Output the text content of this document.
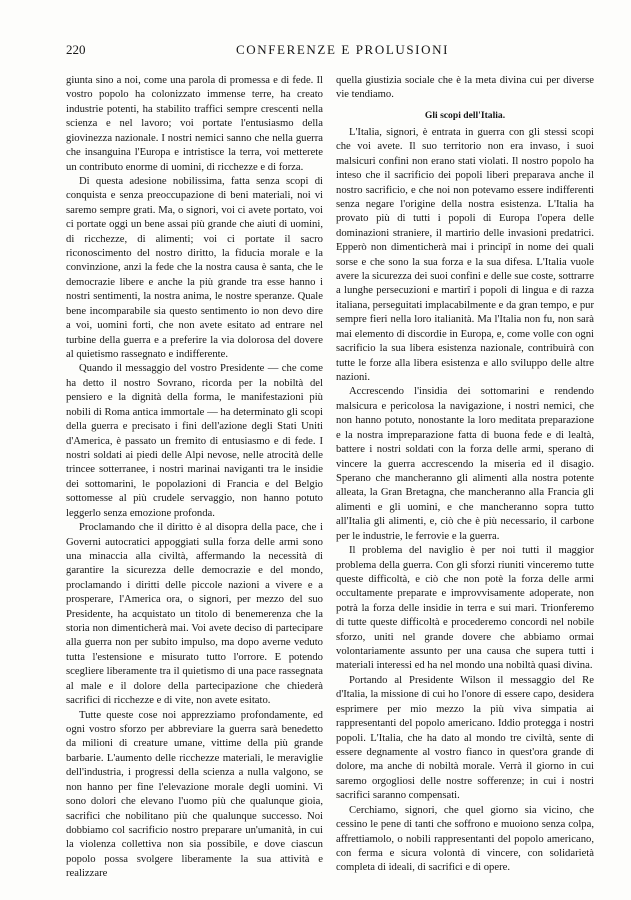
220	CONFERENZE E PROLUSIONI

giunta sino a noi, come una parola di promessa e di fede. Il vostro popolo ha colonizzato immense terre, ha creato industrie potenti, ha stabilito traffici sempre crescenti nella scienza e nel lavoro; voi portate l'entusiasmo della giovinezza nazionale. I nostri nemici sanno che nella guerra che insanguina l'Europa e intristisce la terra, voi metterete un contributo enorme di uomini, di ricchezze e di forza.

Di questa adesione nobilissima, fatta senza scopi di conquista e senza preoccupazione di beni materiali, noi vi saremo sempre grati. Ma, o signori, voi ci avete portato, voi ci portate oggi un bene assai più grande che aiuti di uomini, di ricchezze, di alimenti; voi ci portate il sacro riconoscimento del nostro diritto, la fiducia morale e la convinzione, anzi la fede che la nostra causa è santa, che le democrazie libere e anche la più grande tra esse hanno i nostri sentimenti, la nostra anima, le nostre speranze. Quale bene incomparabile sia questo sentimento io non devo dire a voi, uomini forti, che non avete esitato ad entrare nel turbine della guerra e a preferire la via dolorosa del dovere al quietismo rassegnato e indifferente.

Quando il messaggio del vostro Presidente — che come ha detto il nostro Sovrano, ricorda per la nobiltà del pensiero e la dignità della forma, le manifestazioni più nobili di Roma antica immortale — ha determinato gli scopi della guerra e precisato i fini dell'azione degli Stati Uniti d'America, è passato un fremito di entusiasmo e di fede. I nostri soldati ai piedi delle Alpi nevose, nelle atrocità delle trincee sotterranee, i nostri marinai naviganti tra le insidie dei sottomarini, le popolazioni di Francia e del Belgio sottomesse al più crudele servaggio, non hanno potuto leggerlo senza emozione profonda.

Proclamando che il diritto è al disopra della pace, che i Governi autocratici appoggiati sulla forza delle armi sono una minaccia alla civiltà, affermando la necessità di garantire la sicurezza delle democrazie e del mondo, proclamando i diritti delle piccole nazioni a vivere e a prosperare, l'America ora, o signori, per mezzo del suo Presidente, ha acquistato un titolo di benemerenza che la storia non dimenticherà mai. Voi avete deciso di partecipare alla guerra non per subito impulso, ma dopo averne veduto tutta l'estensione e misurato tutto l'orrore. E potendo scegliere liberamente tra il quietismo di una pace rassegnata al male e il dolore della partecipazione che chiederà sacrifici di ricchezze e di vite, non avete esitato.

Tutte queste cose noi apprezziamo profondamente, ed ogni vostro sforzo per abbreviare la guerra sarà benedetto da milioni di creature umane, vittime della più grande barbarie. L'aumento delle ricchezze materiali, le meraviglie dell'industria, i progressi della scienza a nulla valgono, se non hanno per fine l'elevazione morale degli uomini. Vi sono dolori che elevano l'uomo più che qualunque gioia, sacrifici che nobilitano più che qualunque successo. Noi dobbiamo col sacrificio nostro preparare un'umanità, in cui la violenza collettiva non sia possibile, e dove ciascun popolo possa svolgere liberamente la sua attività e realizzare

quella giustizia sociale che è la meta divina cui per diverse vie tendiamo.

Gli scopi dell'Italia.

L'Italia, signori, è entrata in guerra con gli stessi scopi che voi avete. Il suo territorio non era invaso, i suoi malsicuri confini non erano stati violati. Il nostro popolo ha inteso che il sacrificio dei popoli liberi preparava anche il nostro sacrificio, e che noi non potevamo essere indifferenti senza negare l'origine della nostra esistenza. L'Italia ha provato più di tutti i popoli di Europa l'opera delle dominazioni straniere, il martirio delle invasioni predatrici. Epperò non dimenticherà mai i principî in nome dei quali sorse e che sono la sua forza e la sua difesa. L'Italia vuole avere la sicurezza dei suoi confini e delle sue coste, sottrarre a lunghe persecuzioni e martirî i popoli di lingua e di razza italiana, perseguitati implacabilmente e da gran tempo, e pur sempre fieri nella loro italianità. Ma l'Italia non fu, non sarà mai elemento di discordie in Europa, e, come volle con ogni sacrificio la sua libera esistenza nazionale, contribuirà con tutte le forze alla libera esistenza e allo sviluppo delle altre nazioni.

Accrescendo l'insidia dei sottomarini e rendendo malsicura e pericolosa la navigazione, i nostri nemici, che non hanno potuto, nonostante la loro meditata preparazione e la nostra impreparazione fatta di buona fede e di lealtà, battere i nostri soldati con la forza delle armi, sperano di vincere la guerra accrescendo la miseria ed il disagio. Sperano che mancheranno gli alimenti alla nostra potente alleata, la Gran Bretagna, che mancheranno alla Francia gli alimenti e gli uomini, e che mancheranno sopra tutto all'Italia gli alimenti, e, ciò che è più necessario, il carbone per le industrie, le ferrovie e la guerra.

Il problema del naviglio è per noi tutti il maggior problema della guerra. Con gli sforzi riuniti vinceremo tutte queste difficoltà, e ciò che non potè la forza delle armi occultamente preparate e improvvisamente adoperate, non potrà la forza delle insidie in terra e sui mari. Trionferemo di tutte queste difficoltà e procederemo concordi nel nobile sforzo, uniti nel grande dovere che abbiamo ormai volontariamente assunto per una causa che supera tutti i materiali interessi ed ha nel mondo una nobiltà quasi divina.

Portando al Presidente Wilson il messaggio del Re d'Italia, la missione di cui ho l'onore di essere capo, desidera esprimere per mio mezzo la più viva simpatia ai rappresentanti del popolo americano. Iddio protegga i nostri popoli. L'Italia, che ha dato al mondo tre civiltà, sente di essere degnamente al vostro fianco in quest'ora grande di dolore, ma anche di nobiltà morale. Verrà il giorno in cui saremo orgogliosi delle nostre sofferenze; in cui i nostri sacrifici saranno compensati.

Cerchiamo, signori, che quel giorno sia vicino, che cessino le pene di tanti che soffrono e muoiono senza colpa, affrettiamolo, o nobili rappresentanti del popolo americano, con ferma e sicura volontà di vincere, con solidarietà completa di ideali, di sacrifici e di opere.
